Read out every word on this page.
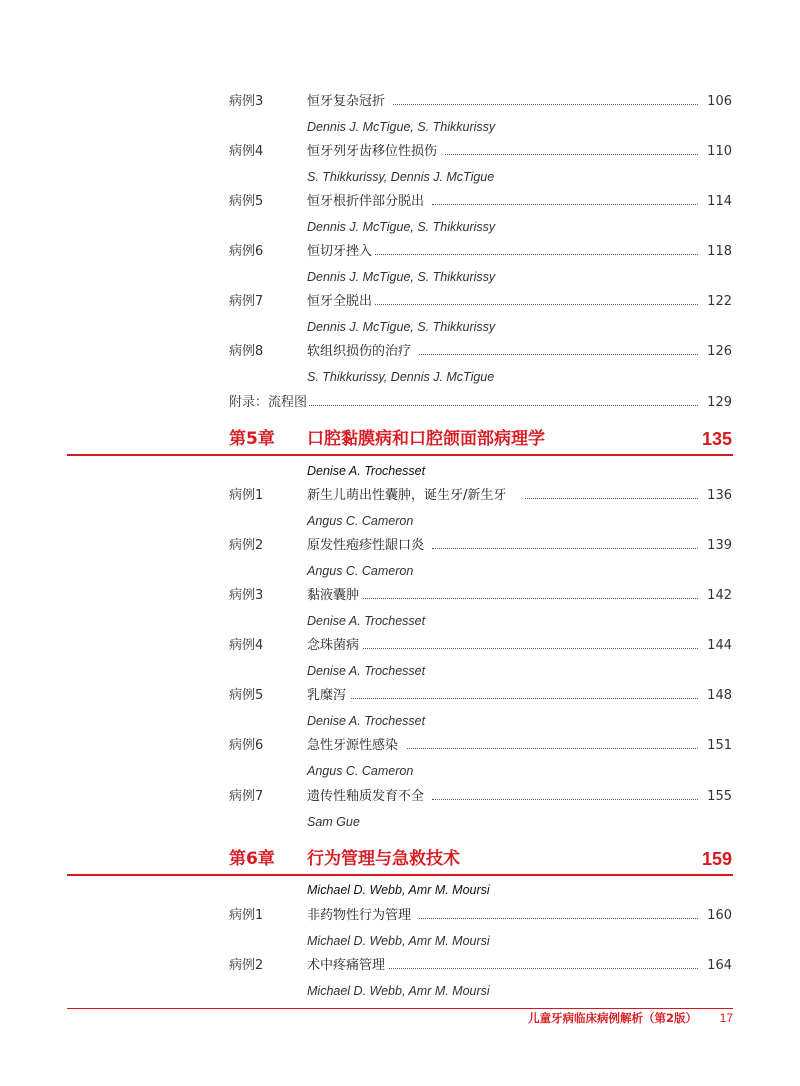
病例3	恒牙复杂冠折	106
Dennis J. McTigue, S. Thikkurissy
病例4	恒牙列牙齿移位性损伤	110
S. Thikkurissy, Dennis J. McTigue
病例5	恒牙根折伴部分脱出	114
Dennis J. McTigue, S. Thikkurissy
病例6	恒切牙挫入	118
Dennis J. McTigue, S. Thikkurissy
病例7	恒牙全脱出	122
Dennis J. McTigue, S. Thikkurissy
病例8	软组织损伤的治疗	126
S. Thikkurissy, Dennis J. McTigue
附录：流程图	129
第5章 口腔黏膜病和口腔颌面部病理学	135
Denise A. Trochesset
病例1	新生儿萌出性囊肿，诞生牙/新生牙	136
Angus C. Cameron
病例2	原发性疱疹性龈口炎	139
Angus C. Cameron
病例3	黏液囊肿	142
Denise A. Trochesset
病例4	念珠菌病	144
Denise A. Trochesset
病例5	乳糜泻	148
Denise A. Trochesset
病例6	急性牙源性感染	151
Angus C. Cameron
病例7	遗传性釉质发育不全	155
Sam Gue
第6章 行为管理与急救技术	159
Michael D. Webb, Amr M. Moursi
病例1	非药物性行为管理	160
Michael D. Webb, Amr M. Moursi
病例2	术中疼痛管理	164
Michael D. Webb, Amr M. Moursi
儿童牙病临床病例解析（第2版） 17
